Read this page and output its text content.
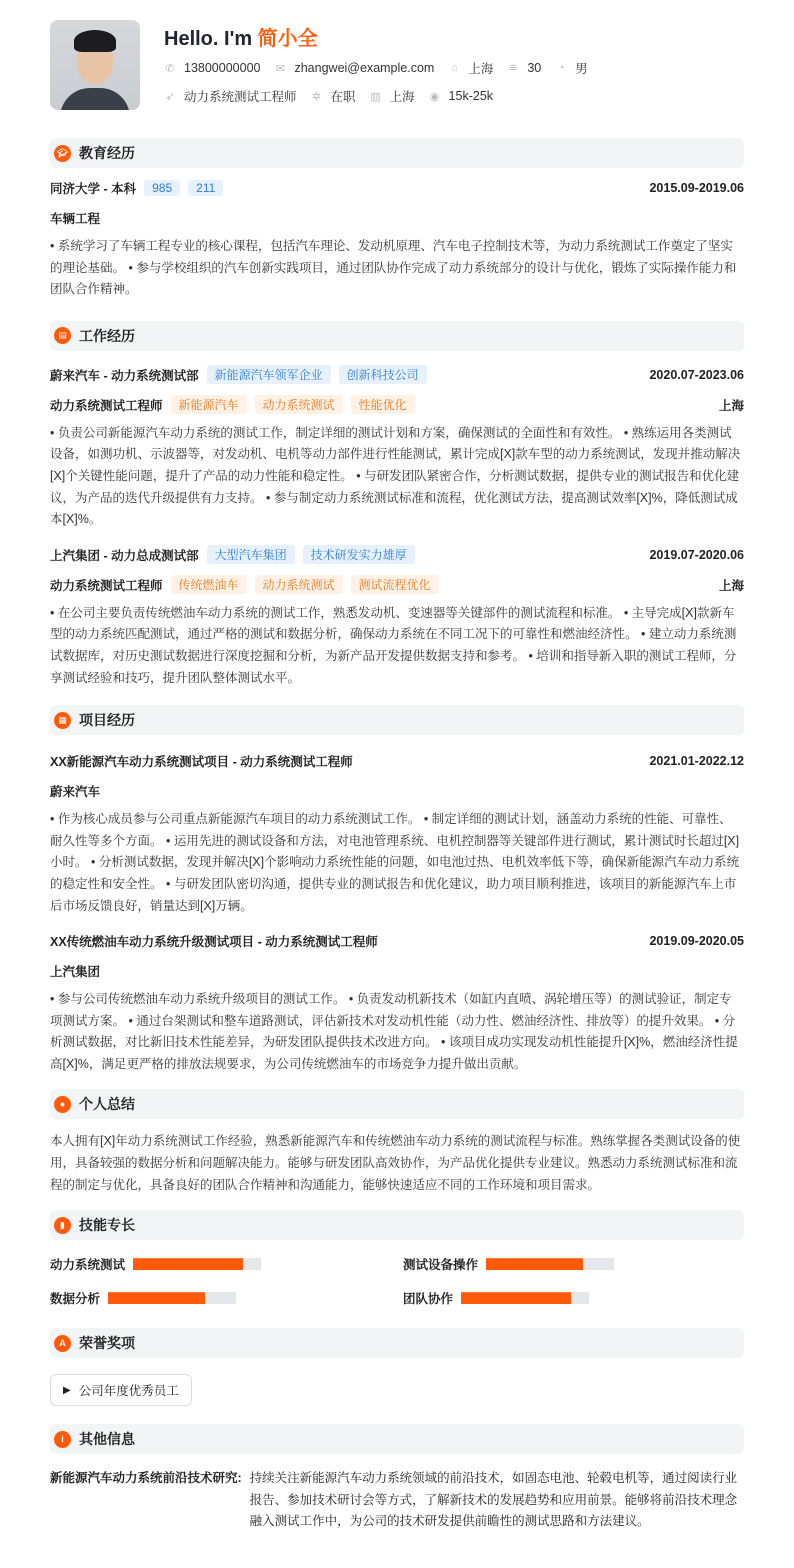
Hello. I'm 简小全
✆ 13800000000 ✉ zhangwei@example.com ⌂ 上海 ≘ 30 ◔ 男
➶ 动力系统测试工程师 ✲ 在职 ▥ 上海 ◉ 15k-25k
🎓︎ 教育经历
同济大学 - 本科	985	211	2015.09-2019.06
车辆工程
• 系统学习了车辆工程专业的核心课程，包括汽车理论、发动机原理、汽车电子控制技术等，为动力系统测试工作奠定了坚实的理论基础。 • 参与学校组织的汽车创新实践项目，通过团队协作完成了动力系统部分的设计与优化，锻炼了实际操作能力和团队合作精神。
▤ 工作经历
蔚来汽车 - 动力系统测试部	新能源汽车领军企业	创新科技公司	2020.07-2023.06
动力系统测试工程师	新能源汽车	动力系统测试	性能优化	上海
• 负责公司新能源汽车动力系统的测试工作，制定详细的测试计划和方案，确保测试的全面性和有效性。 • 熟练运用各类测试设备，如测功机、示波器等，对发动机、电机等动力部件进行性能测试，累计完成[X]款车型的动力系统测试，发现并推动解决[X]个关键性能问题，提升了产品的动力性能和稳定性。 • 与研发团队紧密合作，分析测试数据，提供专业的测试报告和优化建议，为产品的迭代升级提供有力支持。 • 参与制定动力系统测试标准和流程，优化测试方法，提高测试效率[X]%，降低测试成本[X]%。
上汽集团 - 动力总成测试部	大型汽车集团	技术研发实力雄厚	2019.07-2020.06
动力系统测试工程师	传统燃油车	动力系统测试	测试流程优化	上海
• 在公司主要负责传统燃油车动力系统的测试工作，熟悉发动机、变速器等关键部件的测试流程和标准。 • 主导完成[X]款新车型的动力系统匹配测试，通过严格的测试和数据分析，确保动力系统在不同工况下的可靠性和燃油经济性。 • 建立动力系统测试数据库，对历史测试数据进行深度挖掘和分析，为新产品开发提供数据支持和参考。 • 培训和指导新入职的测试工程师，分享测试经验和技巧，提升团队整体测试水平。
▦ 项目经历
XX新能源汽车动力系统测试项目 - 动力系统测试工程师	2021.01-2022.12
蔚来汽车
• 作为核心成员参与公司重点新能源汽车项目的动力系统测试工作。 • 制定详细的测试计划，涵盖动力系统的性能、可靠性、耐久性等多个方面。 • 运用先进的测试设备和方法，对电池管理系统、电机控制器等关键部件进行测试，累计测试时长超过[X]小时。 • 分析测试数据，发现并解决[X]个影响动力系统性能的问题，如电池过热、电机效率低下等，确保新能源汽车动力系统的稳定性和安全性。 • 与研发团队密切沟通，提供专业的测试报告和优化建议，助力项目顺利推进，该项目的新能源汽车上市后市场反馈良好，销量达到[X]万辆。
XX传统燃油车动力系统升级测试项目 - 动力系统测试工程师	2019.09-2020.05
上汽集团
• 参与公司传统燃油车动力系统升级项目的测试工作。 • 负责发动机新技术（如缸内直喷、涡轮增压等）的测试验证，制定专项测试方案。 • 通过台架测试和整车道路测试，评估新技术对发动机性能（动力性、燃油经济性、排放等）的提升效果。 • 分析测试数据，对比新旧技术性能差异，为研发团队提供技术改进方向。 • 该项目成功实现发动机性能提升[X]%，燃油经济性提高[X]%，满足更严格的排放法规要求，为公司传统燃油车的市场竞争力提升做出贡献。
● 个人总结
本人拥有[X]年动力系统测试工作经验，熟悉新能源汽车和传统燃油车动力系统的测试流程与标准。熟练掌握各类测试设备的使用，具备较强的数据分析和问题解决能力。能够与研发团队高效协作，为产品优化提供专业建议。熟悉动力系统测试标准和流程的制定与优化，具备良好的团队合作精神和沟通能力，能够快速适应不同的工作环境和项目需求。
▮	技能专长
动力系统测试	测试设备操作
数据分析	团队协作
A 荣誉奖项
▶ 公司年度优秀员工
i	其他信息
新能源汽车动力系统前沿技术研究: 持续关注新能源汽车动力系统领域的前沿技术，如固态电池、轮毂电机等，通过阅读行业报告、参加技术研讨会等方式，了解新技术的发展趋势和应用前景。能够将前沿技术理念融入测试工作中，为公司的技术研发提供前瞻性的测试思路和方法建议。
